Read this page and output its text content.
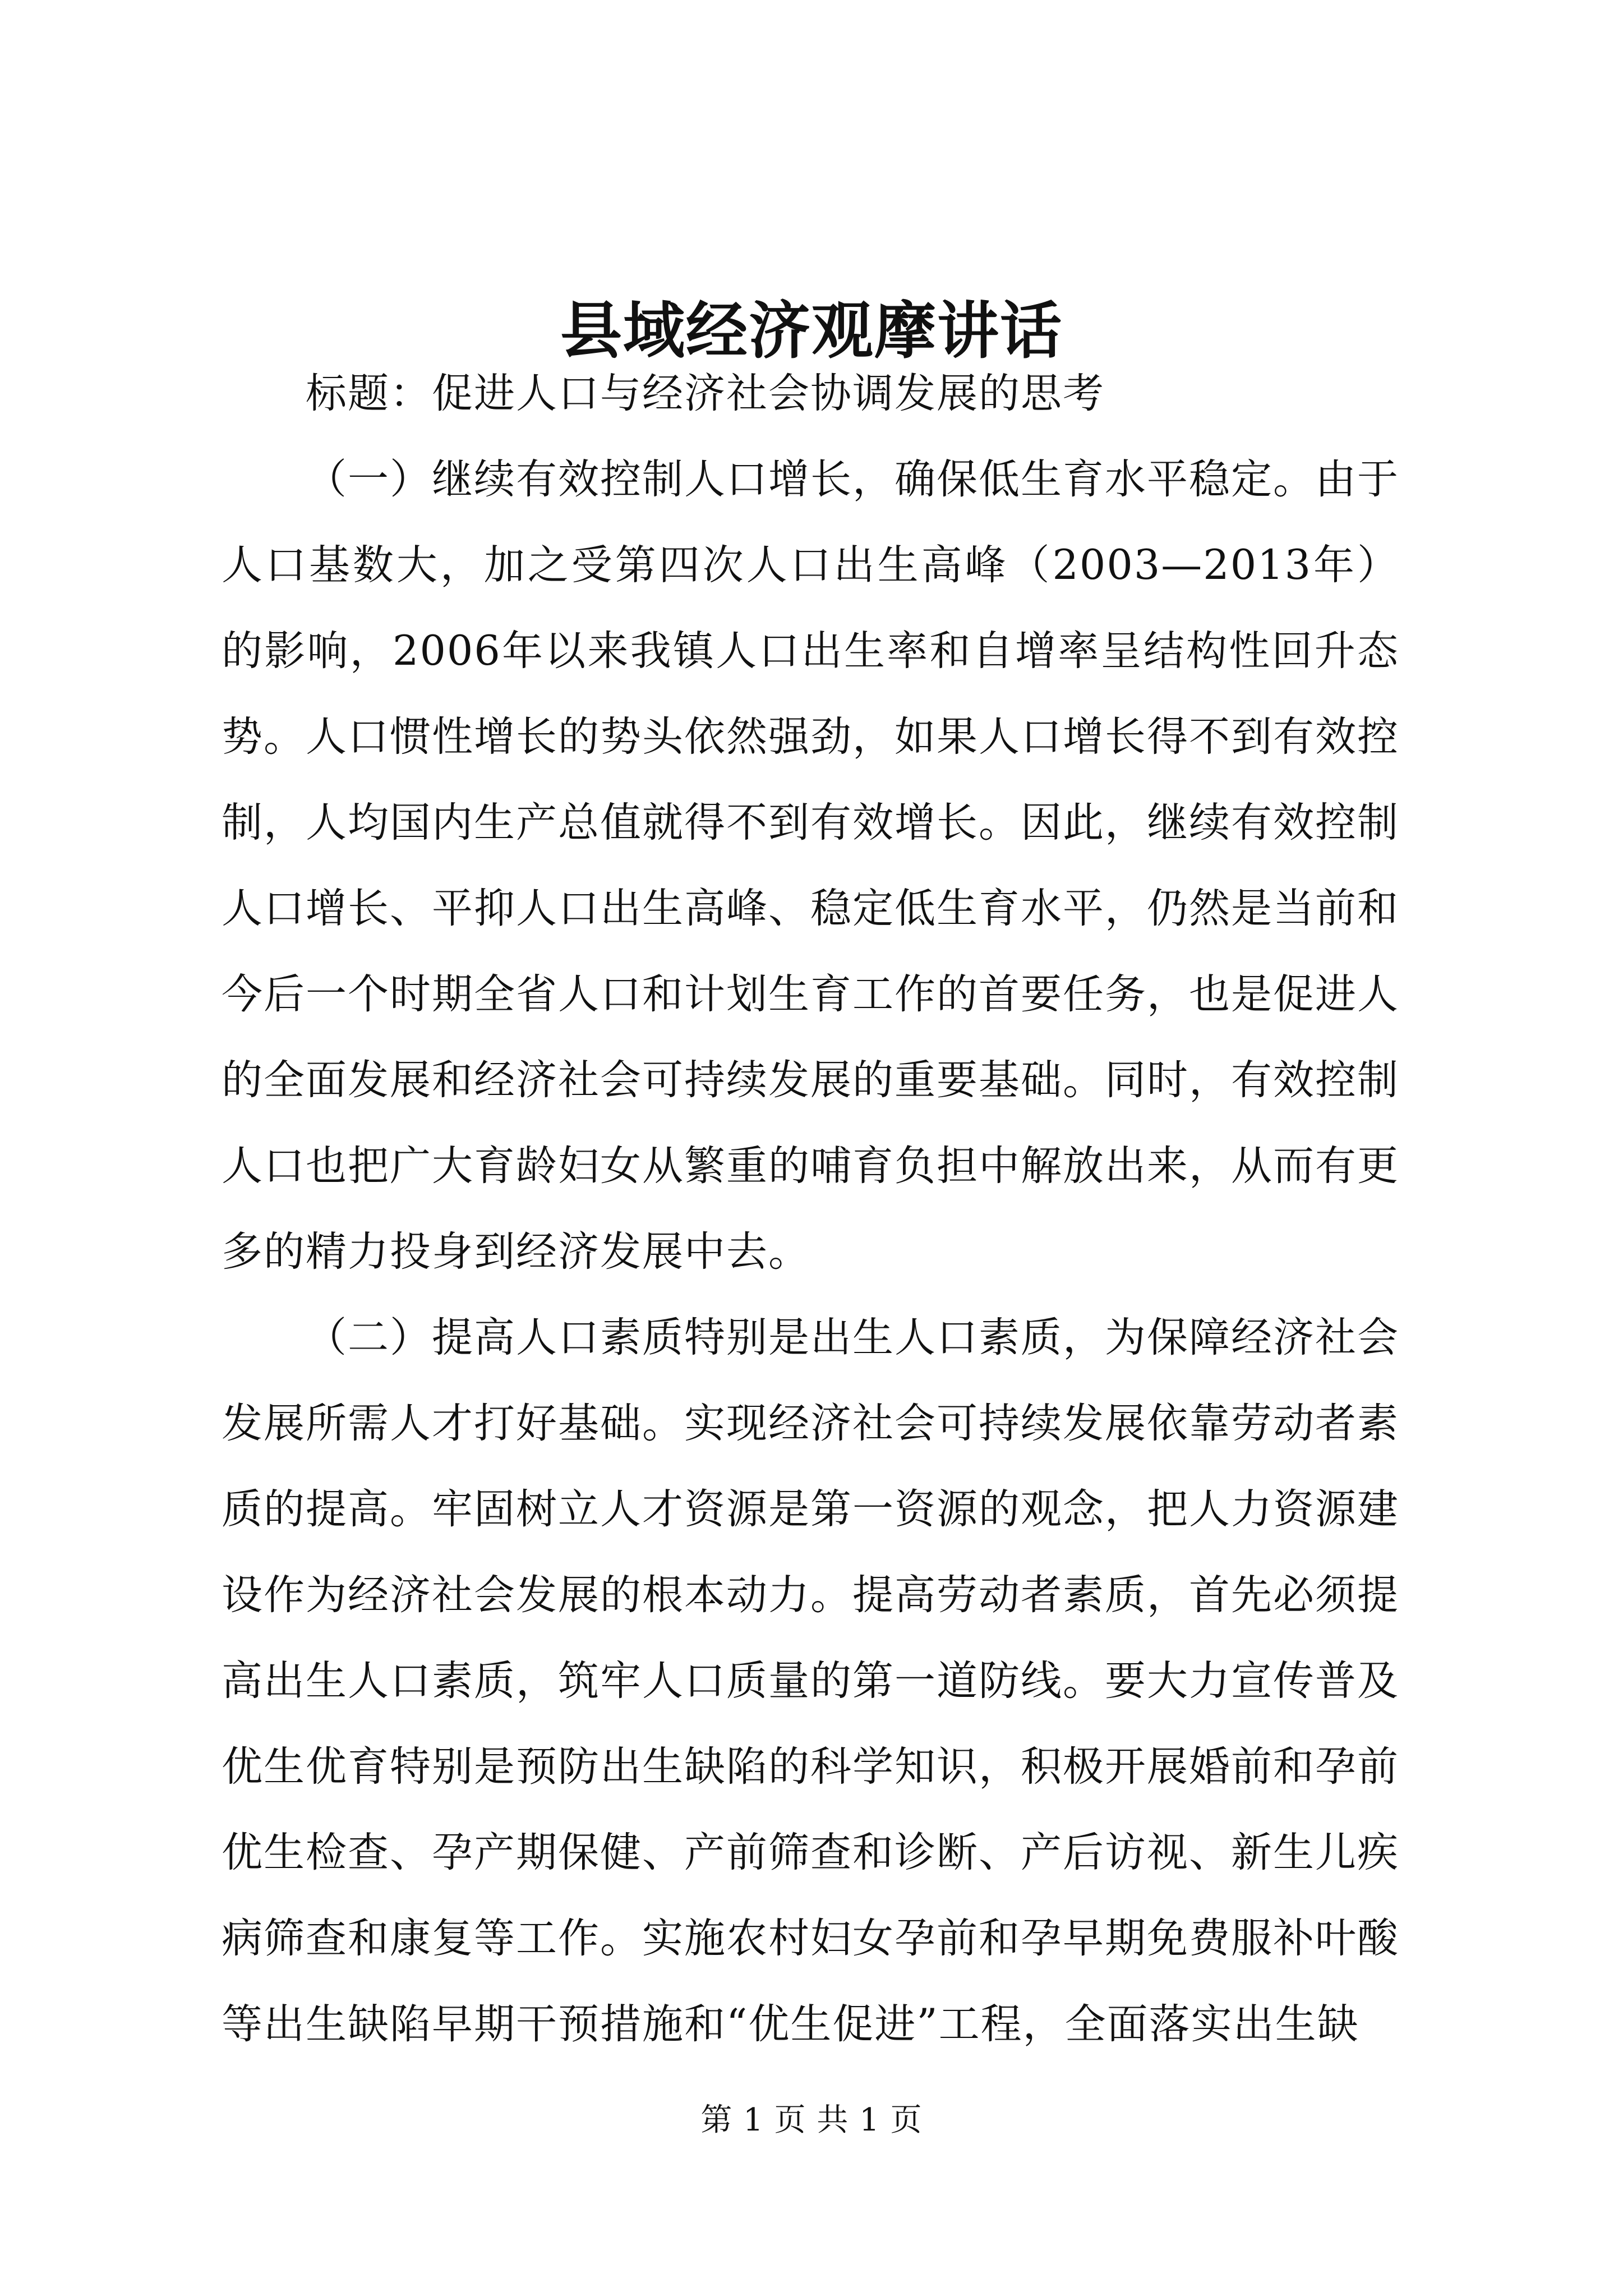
县域经济观摩讲话

标题：促进人口与经济社会协调发展的思考

（一）继续有效控制人口增长，确保低生育水平稳定。由于人口基数大，加之受第四次人口出生高峰（2003—2013年）的影响，2006年以来我镇人口出生率和自增率呈结构性回升态势。人口惯性增长的势头依然强劲，如果人口增长得不到有效控制，人均国内生产总值就得不到有效增长。因此，继续有效控制人口增长、平抑人口出生高峰、稳定低生育水平，仍然是当前和今后一个时期全省人口和计划生育工作的首要任务，也是促进人的全面发展和经济社会可持续发展的重要基础。同时，有效控制人口也把广大育龄妇女从繁重的哺育负担中解放出来，从而有更多的精力投身到经济发展中去。

（二）提高人口素质特别是出生人口素质，为保障经济社会发展所需人才打好基础。实现经济社会可持续发展依靠劳动者素质的提高。牢固树立人才资源是第一资源的观念，把人力资源建设作为经济社会发展的根本动力。提高劳动者素质，首先必须提高出生人口素质，筑牢人口质量的第一道防线。要大力宣传普及优生优育特别是预防出生缺陷的科学知识，积极开展婚前和孕前优生检查、孕产期保健、产前筛查和诊断、产后访视、新生儿疾病筛查和康复等工作。实施农村妇女孕前和孕早期免费服补叶酸等出生缺陷早期干预措施和“优生促进”工程，全面落实出生缺

第 1 页 共 1 页
